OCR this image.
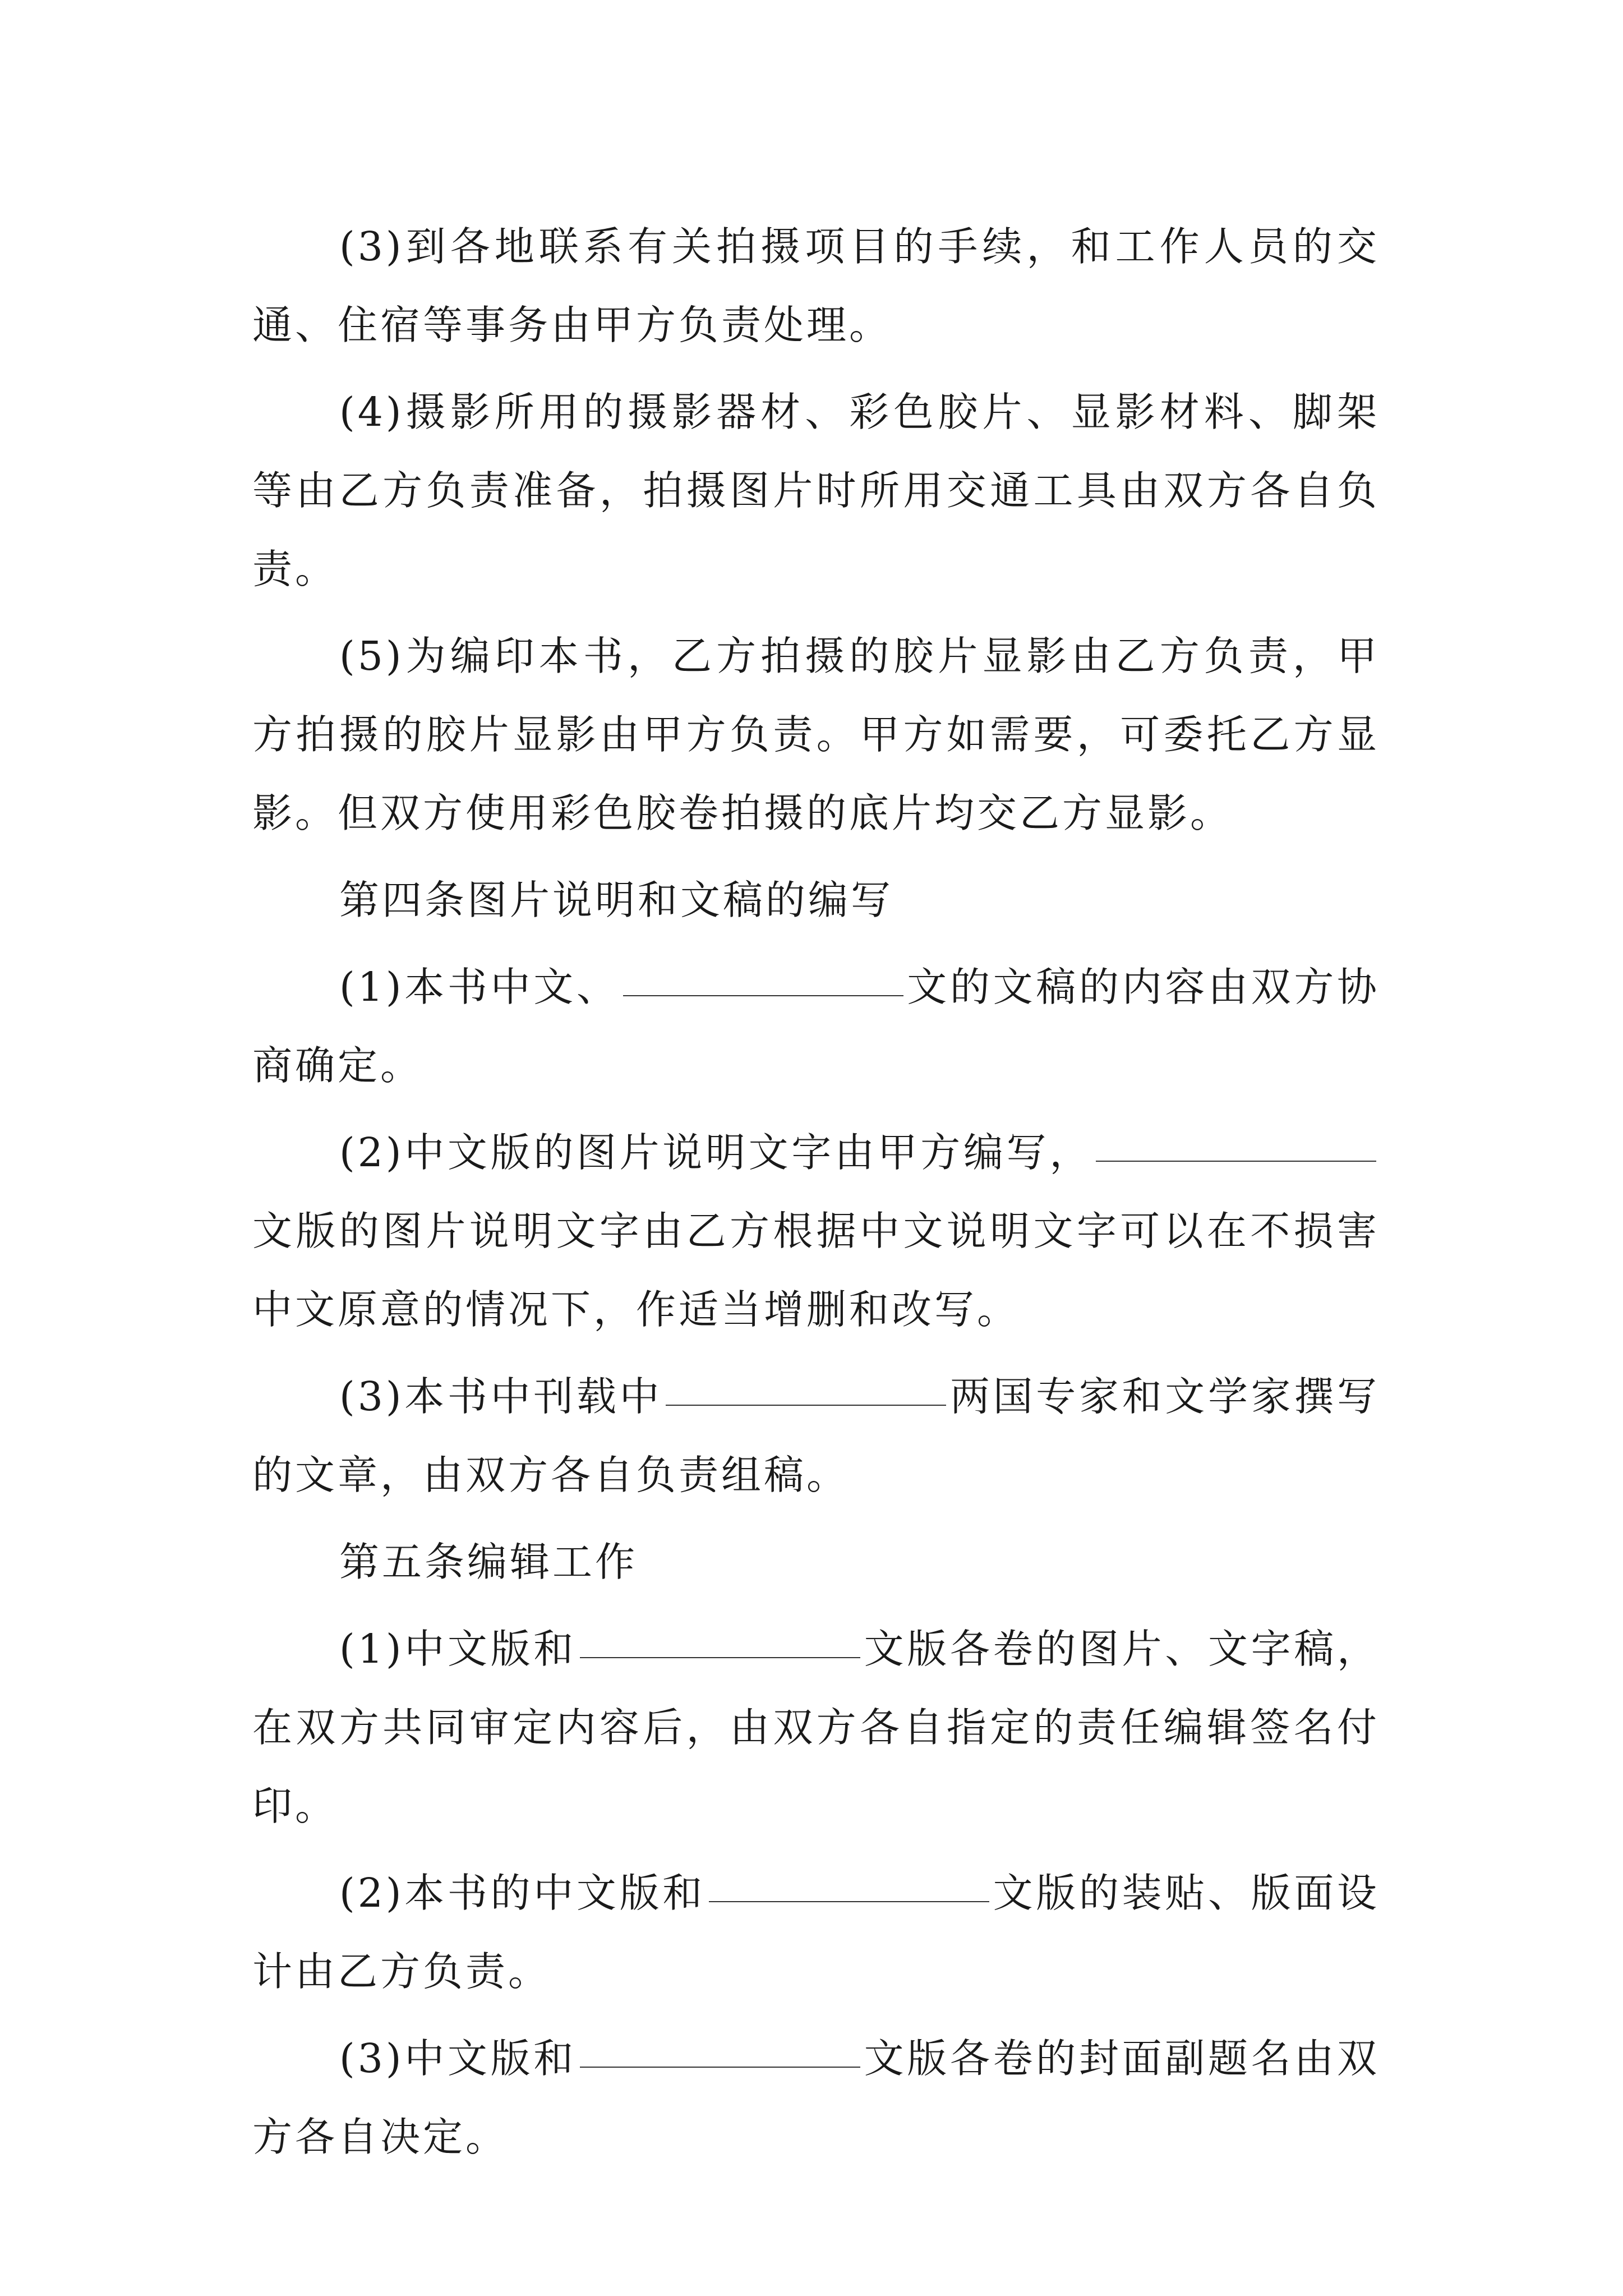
(3)到各地联系有关拍摄项目的手续，和工作人员的交通、住宿等事务由甲方负责处理。

(4)摄影所用的摄影器材、彩色胶片、显影材料、脚架等由乙方负责准备，拍摄图片时所用交通工具由双方各自负责。

(5)为编印本书，乙方拍摄的胶片显影由乙方负责，甲方拍摄的胶片显影由甲方负责。甲方如需要，可委托乙方显影。但双方使用彩色胶卷拍摄的底片均交乙方显影。

第四条图片说明和文稿的编写

(1)本书中文、	文的文稿的内容由双方协商确定。

(2)中文版的图片说明文字由甲方编写，文版的图片说明文字由乙方根据中文说明文字可以在不损害中文原意的情况下，作适当增删和改写。

(3)本书中刊载中	两国专家和文学家撰写的文章，由双方各自负责组稿。

第五条编辑工作

(1)中文版和	文版各卷的图片、文字稿，在双方共同审定内容后，由双方各自指定的责任编辑签名付印。

(2)本书的中文版和	文版的装贴、版面设计由乙方负责。

(3)中文版和	文版各卷的封面副题名由双方各自决定。
